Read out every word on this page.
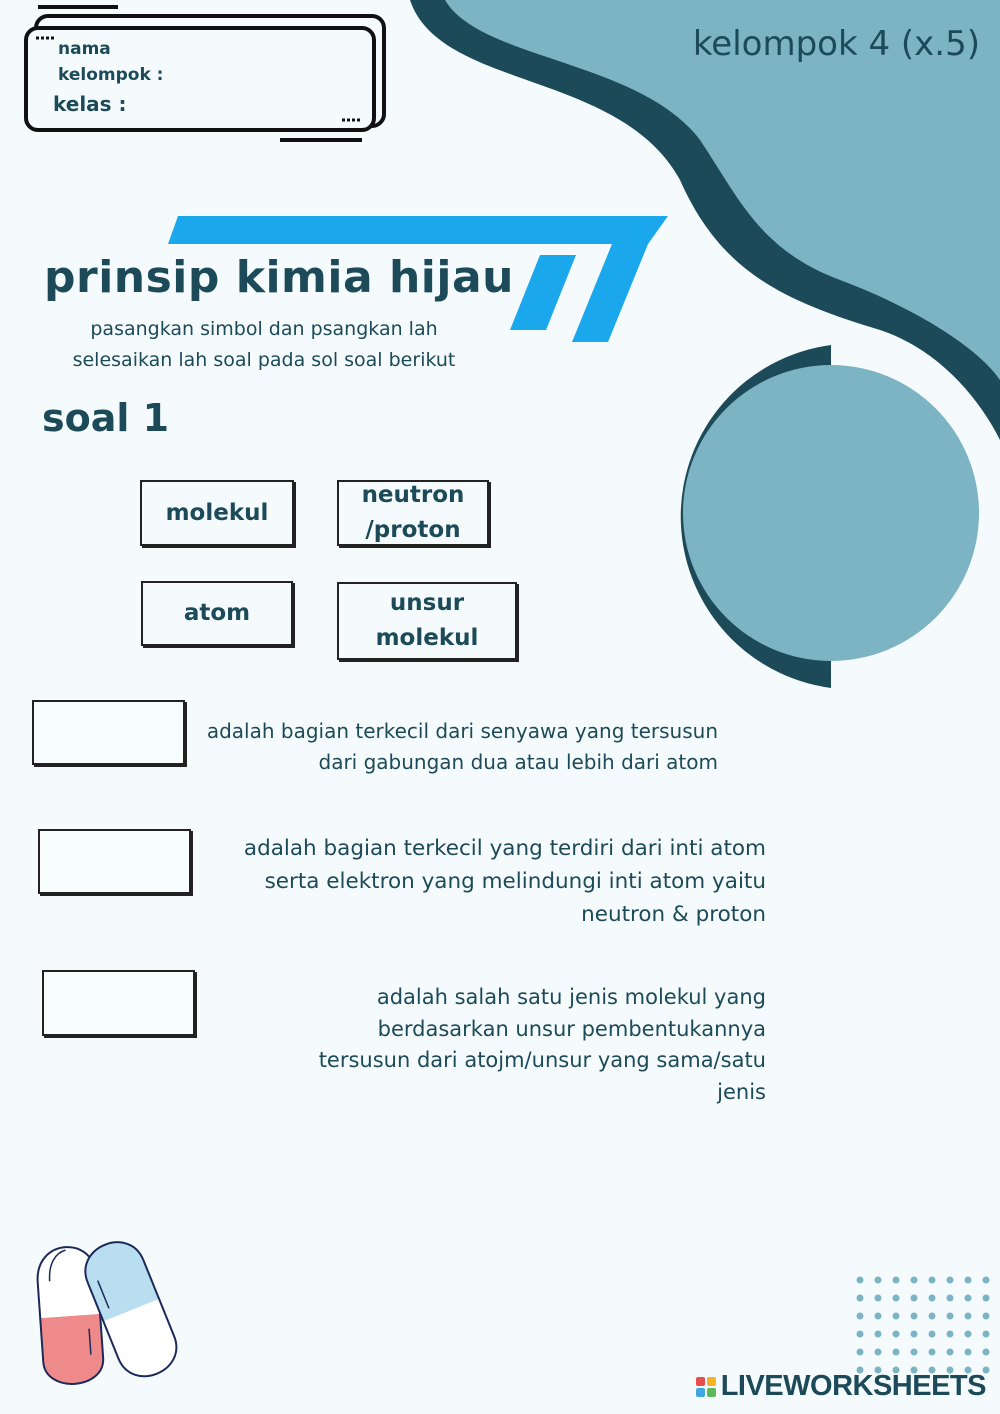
nama kelompok :
kelas :
kelompok 4 (x.5)
prinsip kimia hijau
pasangkan simbol dan psangkan lah selesaikan lah soal pada sol soal berikut
soal 1
molekul
neutron /proton
atom	unsur molekul
adalah bagian terkecil dari senyawa yang tersusun dari gabungan dua atau lebih dari atom
adalah bagian terkecil yang terdiri dari inti atom serta elektron yang melindungi inti atom yaitu neutron & proton
adalah salah satu jenis molekul yang berdasarkan unsur pembentukannya tersusun dari atojm/unsur yang sama/satu jenis
LIVEWORKSHEETS
